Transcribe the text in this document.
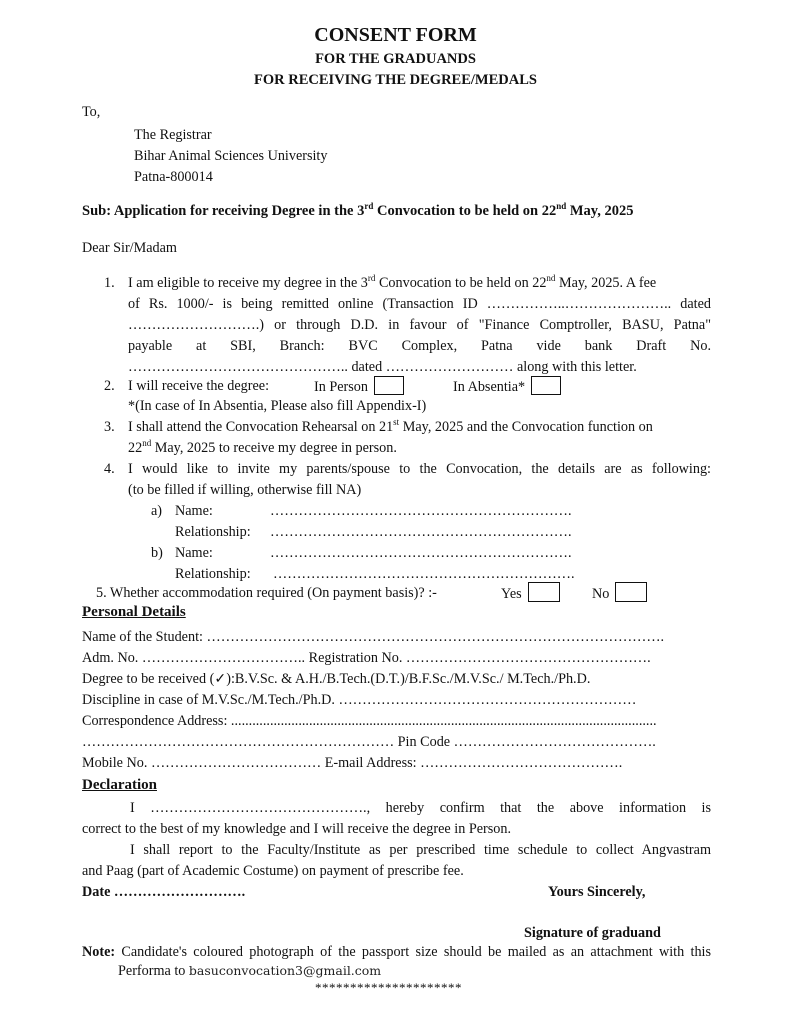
CONSENT FORM
FOR THE GRADUANDS
FOR RECEIVING THE DEGREE/MEDALS
To,
The Registrar
Bihar Animal Sciences University
Patna-800014
Sub: Application for receiving Degree in the 3rd Convocation to be held on 22nd May, 2025
Dear Sir/Madam
1. I am eligible to receive my degree in the 3rd Convocation to be held on 22nd May, 2025. A fee
of Rs. 1000/- is being remitted online (Transaction ID ……………..………………….. dated
……………………….) or through D.D. in favour of "Finance Comptroller, BASU, Patna"
payable at SBI, Branch: BVC Complex, Patna vide bank Draft No.
……………………………………….. dated ……………………… along with this letter.
2. I will receive the degree:	In Person	In Absentia*
*(In case of In Absentia, Please also fill Appendix-I)
3. I shall attend the Convocation Rehearsal on 21st May, 2025 and the Convocation function on
22nd May, 2025 to receive my degree in person.
4. I would like to invite my parents/spouse to the Convocation, the details are as following:
(to be filled if willing, otherwise fill NA)
a) Name:	……………………………………………………….
Relationship: ……………………………………………………….
b) Name:	……………………………………………………….
Relationship: ……………………………………………………….
5. Whether accommodation required (On payment basis)? :-	Yes	No
Personal Details
Name of the Student: …………………………………………………………………………………….
Adm. No. …………………………….. Registration No. …………………………………………….
Degree to be received (✓):B.V.Sc. & A.H./B.Tech.(D.T.)/B.F.Sc./M.V.Sc./ M.Tech./Ph.D.
Discipline in case of M.V.Sc./M.Tech./Ph.D. ………………………………………………………
Correspondence Address: ........................................................................................................................
………………………………………………………… Pin Code …………………………………….
Mobile No. ……………………………… E-mail Address: …………………………………….
Declaration
I ………………………………………., hereby confirm that the above information is
correct to the best of my knowledge and I will receive the degree in Person.
I shall report to the Faculty/Institute as per prescribed time schedule to collect Angvastram
and Paag (part of Academic Costume) on payment of prescribe fee.
Date ……………………….	Yours Sincerely,
Signature of graduand
Note: Candidate's coloured photograph of the passport size should be mailed as an attachment with this
Performa to basuconvocation3@gmail.com
*********************
